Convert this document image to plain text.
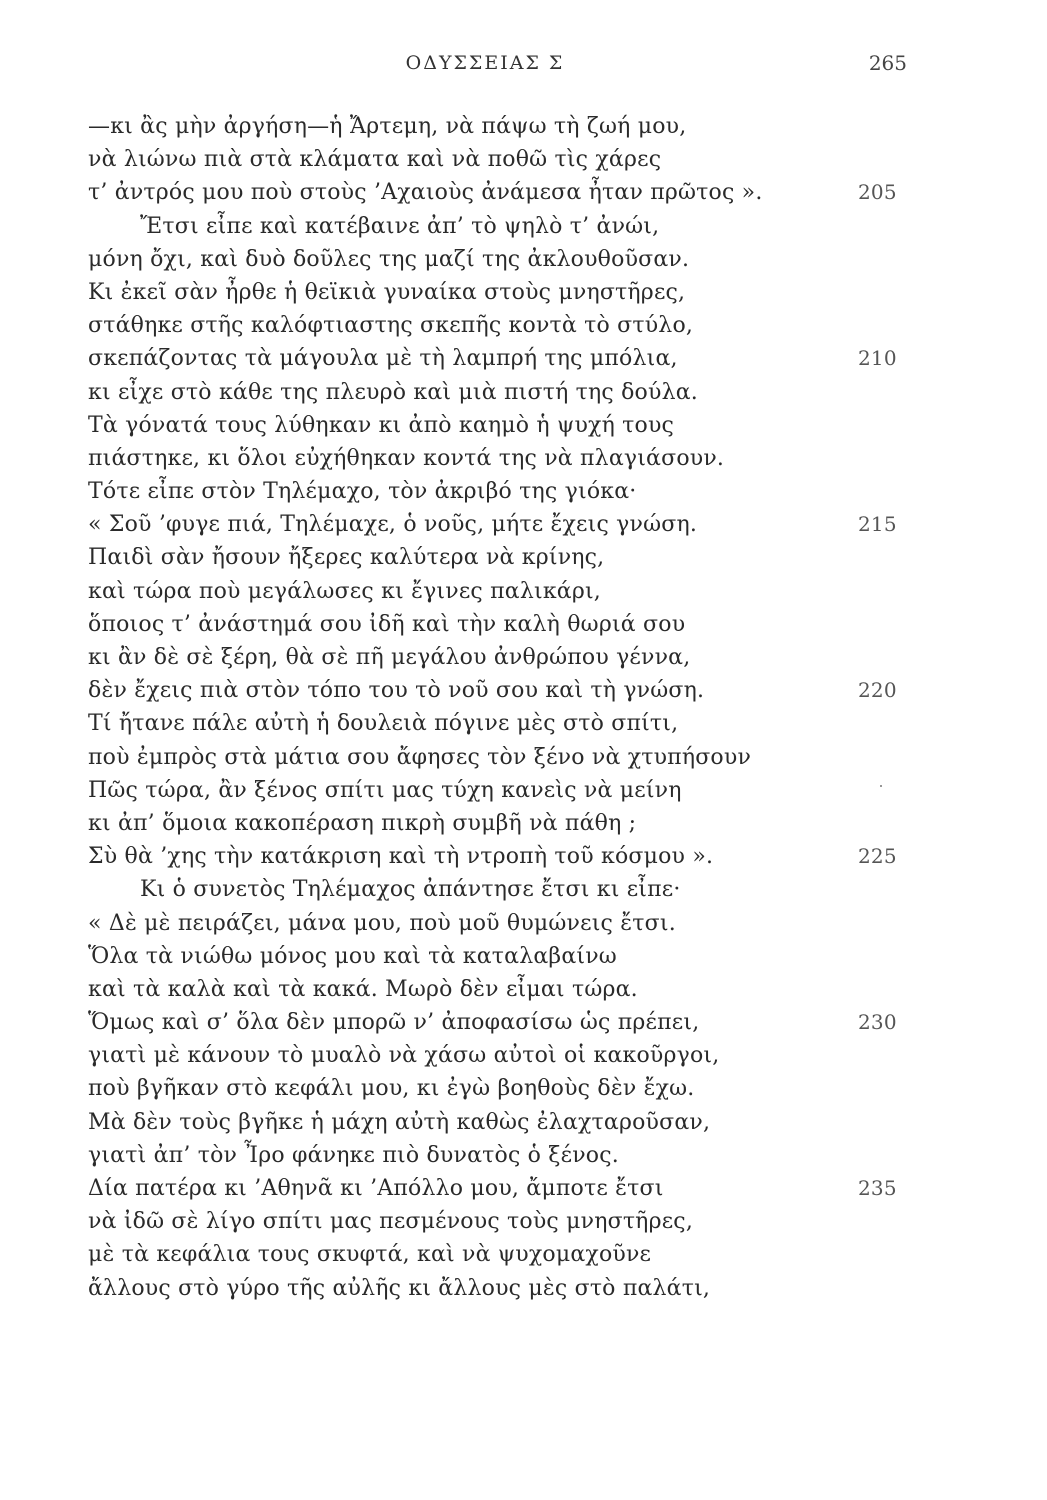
ΟΔΥΣΣΕΙΑΣ Σ	265
—κι ἂς μὴν ἀργήση—ἡ Ἄρτεμη, νὰ πάψω τὴ ζωή μου,
νὰ λιώνω πιὰ στὰ κλάματα καὶ νὰ ποθῶ τὶς χάρες
τ’ ἀντρός μου ποὺ στοὺς ’Αχαιοὺς ἀνάμεσα ἦταν πρῶτος ».	205
Ἔτσι εἶπε καὶ κατέβαινε ἀπ’ τὸ ψηλὸ τ’ ἀνώι,
μόνη ὄχι, καὶ δυὸ δοῦλες της μαζί της ἀκλουθοῦσαν.
Κι ἐκεῖ σὰν ἦρθε ἡ θεϊκιὰ γυναίκα στοὺς μνηστῆρες,
στάθηκε στῆς καλόφτιαστης σκεπῆς κοντὰ τὸ στύλο,
σκεπάζοντας τὰ μάγουλα μὲ τὴ λαμπρή της μπόλια,	210
κι εἶχε στὸ κάθε της πλευρὸ καὶ μιὰ πιστή της δούλα.
Τὰ γόνατά τους λύθηκαν κι ἀπὸ καημὸ ἡ ψυχή τους
πιάστηκε, κι ὅλοι εὐχήθηκαν κοντά της νὰ πλαγιάσουν.
Τότε εἶπε στὸν Τηλέμαχο, τὸν ἀκριβό της γιόκα·
« Σοῦ ’φυγε πιά, Τηλέμαχε, ὁ νοῦς, μήτε ἔχεις γνώση.	215
Παιδὶ σὰν ἤσουν ἤξερες καλύτερα νὰ κρίνης,
καὶ τώρα ποὺ μεγάλωσες κι ἔγινες παλικάρι,
ὅποιος τ’ ἀνάστημά σου ἰδῆ καὶ τὴν καλὴ θωριά σου
κι ἂν δὲ σὲ ξέρη, θὰ σὲ πῆ μεγάλου ἀνθρώπου γέννα,
δὲν ἔχεις πιὰ στὸν τόπο του τὸ νοῦ σου καὶ τὴ γνώση.	220
Τί ἤτανε πάλε αὐτὴ ἡ δουλειὰ πόγινε μὲς στὸ σπίτι,
ποὺ ἐμπρὸς στὰ μάτια σου ἄφησες τὸν ξένο νὰ χτυπήσουν
Πῶς τώρα, ἂν ξένος σπίτι μας τύχη κανεὶς νὰ μείνη
κι ἀπ’ ὅμοια κακοπέραση πικρὴ συμβῆ νὰ πάθη ;
Σὺ θὰ ’χης τὴν κατάκριση καὶ τὴ ντροπὴ τοῦ κόσμου ».	225
Κι ὁ συνετὸς Τηλέμαχος ἀπάντησε ἔτσι κι εἶπε·
« Δὲ μὲ πειράζει, μάνα μου, ποὺ μοῦ θυμώνεις ἔτσι.
Ὅλα τὰ νιώθω μόνος μου καὶ τὰ καταλαβαίνω
καὶ τὰ καλὰ καὶ τὰ κακά. Μωρὸ δὲν εἶμαι τώρα.
Ὅμως καὶ σ’ ὅλα δὲν μπορῶ ν’ ἀποφασίσω ὡς πρέπει,	230
γιατὶ μὲ κάνουν τὸ μυαλὸ νὰ χάσω αὐτοὶ οἱ κακοῦργοι,
ποὺ βγῆκαν στὸ κεφάλι μου, κι ἐγὼ βοηθοὺς δὲν ἔχω.
Μὰ δὲν τοὺς βγῆκε ἡ μάχη αὐτὴ καθὼς ἐλαχταροῦσαν,
γιατὶ ἀπ’ τὸν Ἶρο φάνηκε πιὸ δυνατὸς ὁ ξένος.
Δία πατέρα κι ’Αθηνᾶ κι ’Απόλλο μου, ἄμποτε ἔτσι	235
νὰ ἰδῶ σὲ λίγο σπίτι μας πεσμένους τοὺς μνηστῆρες,
μὲ τὰ κεφάλια τους σκυφτά, καὶ νὰ ψυχομαχοῦνε
ἄλλους στὸ γύρο τῆς αὐλῆς κι ἄλλους μὲς στὸ παλάτι,
